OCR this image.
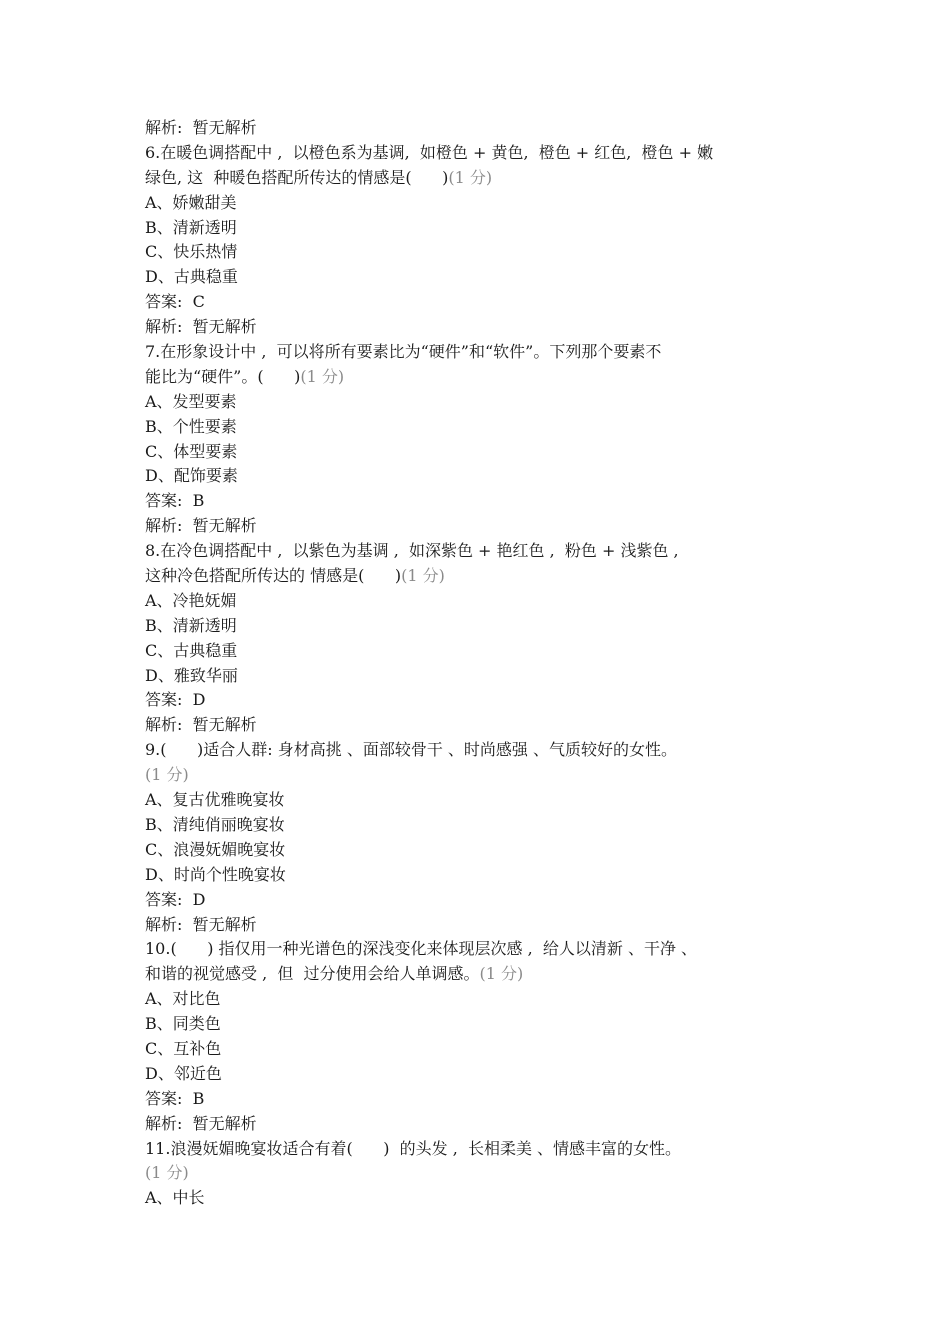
解析:  暂无解析
6.在暖色调搭配中 ,  以橙色系为基调,  如橙色 + 黄色,  橙色 + 红色,  橙色 + 嫩
绿色, 这  种暖色搭配所传达的情感是(      )(1 分)
A、娇嫩甜美
B、清新透明
C、快乐热情
D、古典稳重
答案:  C
解析:  暂无解析
7.在形象设计中 ,  可以将所有要素比为“硬件”和“软件”。下列那个要素不
能比为“硬件”。(      )(1 分)
A、发型要素
B、个性要素
C、体型要素
D、配饰要素
答案:  B
解析:  暂无解析
8.在冷色调搭配中 ,  以紫色为基调 ,  如深紫色 + 艳红色 ,  粉色 + 浅紫色 ,
这种冷色搭配所传达的 情感是(      )(1 分)
A、冷艳妩媚
B、清新透明
C、古典稳重
D、雅致华丽
答案:  D
解析:  暂无解析
9.(      )适合人群: 身材高挑 、面部较骨干 、时尚感强 、气质较好的女性。
(1 分)
A、复古优雅晚宴妆
B、清纯俏丽晚宴妆
C、浪漫妩媚晚宴妆
D、时尚个性晚宴妆
答案:  D
解析:  暂无解析
10.(      ) 指仅用一种光谱色的深浅变化来体现层次感 ,  给人以清新 、干净 、
和谐的视觉感受 ,  但  过分使用会给人单调感。(1 分)
A、对比色
B、同类色
C、互补色
D、邻近色
答案:  B
解析:  暂无解析
11.浪漫妩媚晚宴妆适合有着(      )  的头发 ,  长相柔美 、情感丰富的女性。
(1 分)
A、中长
